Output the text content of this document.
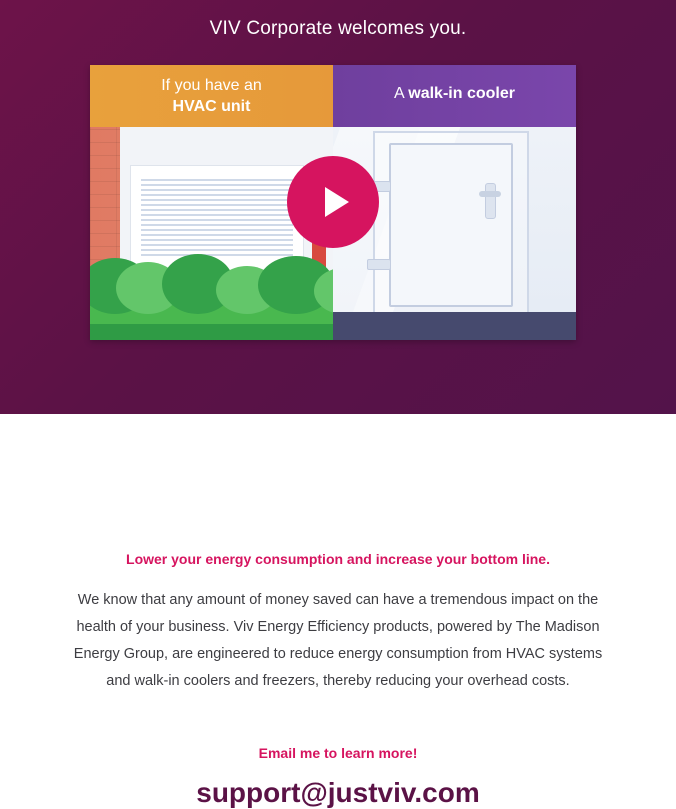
VIV Corporate welcomes you.
If you have an
HVAC unit
A walk-in cooler
Lower your energy consumption and increase your bottom line.
We know that any amount of money saved can have a tremendous impact on the health of your business. Viv Energy Efficiency products, powered by The Madison Energy Group, are engineered to reduce energy consumption from HVAC systems and walk-in coolers and freezers, thereby reducing your overhead costs.
Email me to learn more!
support@justviv.com
